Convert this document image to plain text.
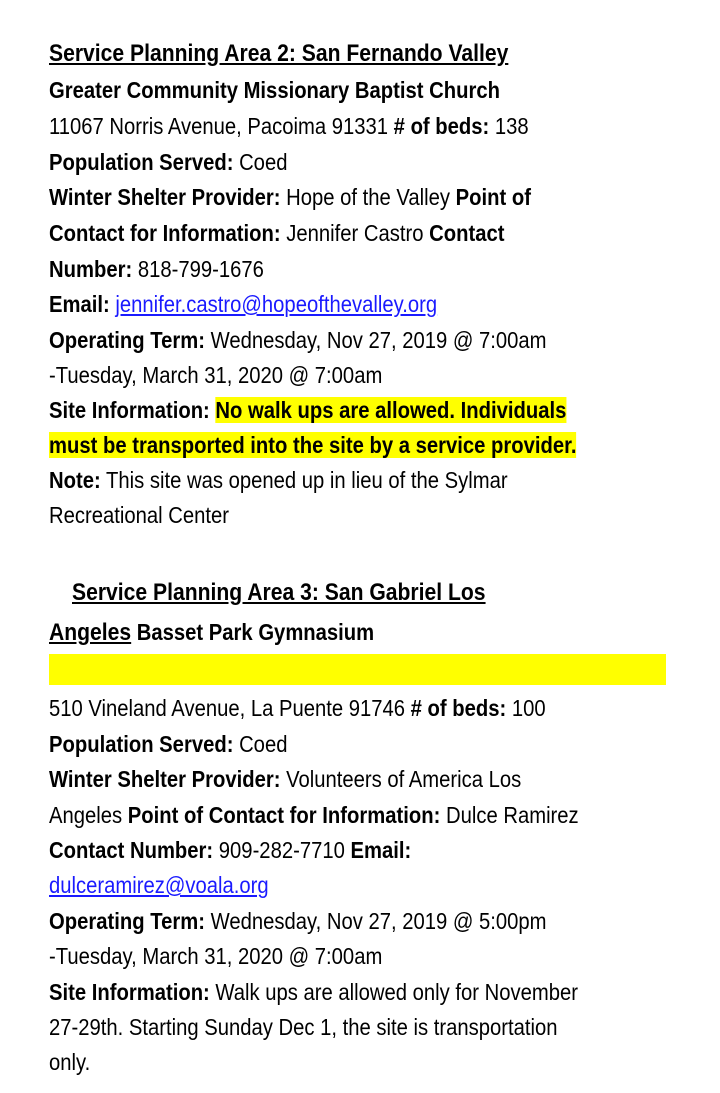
Service Planning Area 2: San Fernando Valley
Greater Community Missionary Baptist Church
11067 Norris Avenue, Pacoima 91331 # of beds: 138
Population Served: Coed
Winter Shelter Provider: Hope of the Valley Point of
Contact for Information: Jennifer Castro Contact
Number: 818-799-1676
Email: jennifer.castro@hopeofthevalley.org
Operating Term: Wednesday, Nov 27, 2019 @ 7:00am
-Tuesday, March 31, 2020 @ 7:00am
Site Information: No walk ups are allowed. Individuals
must be transported into the site by a service provider.
Note: This site was opened up in lieu of the Sylmar
Recreational Center
Service Planning Area 3: San Gabriel Los
Angeles Basset Park Gymnasium
510 Vineland Avenue, La Puente 91746 # of beds: 100
Population Served: Coed
Winter Shelter Provider: Volunteers of America Los
Angeles Point of Contact for Information: Dulce Ramirez
Contact Number: 909-282-7710 Email:
dulceramirez@voala.org
Operating Term: Wednesday, Nov 27, 2019 @ 5:00pm
-Tuesday, March 31, 2020 @ 7:00am
Site Information: Walk ups are allowed only for November
27-29th. Starting Sunday Dec 1, the site is transportation
only.
